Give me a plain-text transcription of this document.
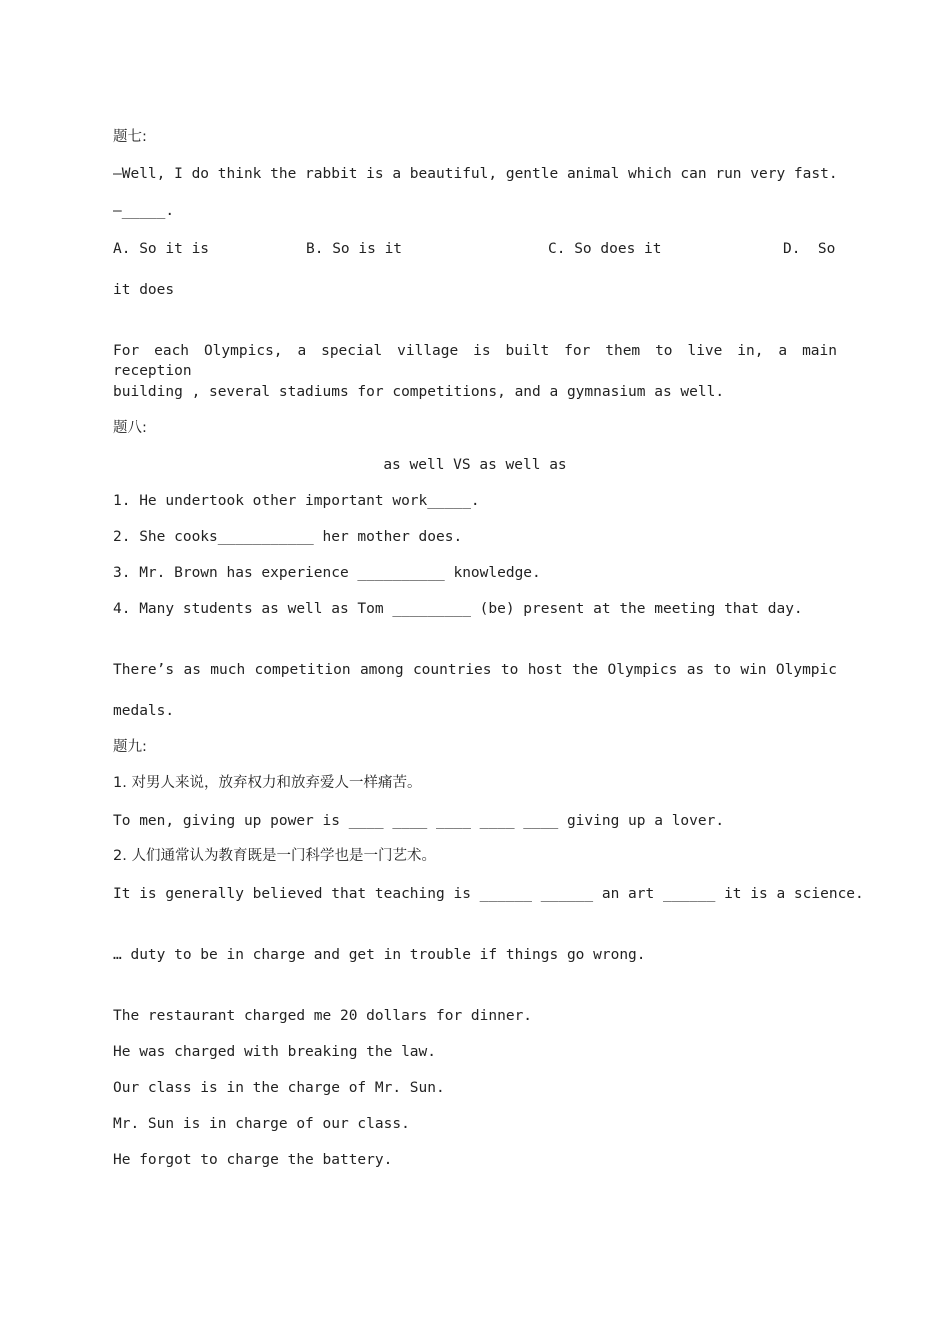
题七:
—Well, I do think the rabbit is a beautiful, gentle animal which can run very fast.
—_____.
A. So it is	B. So is it	C. So does it	D.  So
it does
For each Olympics, a special village is built for them to live in, a main reception
building , several stadiums for competitions, and a gymnasium as well.
题八:
as well VS as well as
1. He undertook other important work_____.
2. She cooks___________ her mother does.
3. Mr. Brown has experience __________ knowledge.
4. Many students as well as Tom _________ (be) present at the meeting that day.
There’s as much competition among countries to host the Olympics as to win Olympic
medals.
题九:
1. 对男人来说，放弃权力和放弃爱人一样痛苦。
To men, giving up power is ____ ____ ____ ____ ____ giving up a lover.
2. 人们通常认为教育既是一门科学也是一门艺术。
It is generally believed that teaching is ______ ______ an art ______ it is a science.
… duty to be in charge and get in trouble if things go wrong.
The restaurant charged me 20 dollars for dinner.
He was charged with breaking the law.
Our class is in the charge of Mr. Sun.
Mr. Sun is in charge of our class.
He forgot to charge the battery.
